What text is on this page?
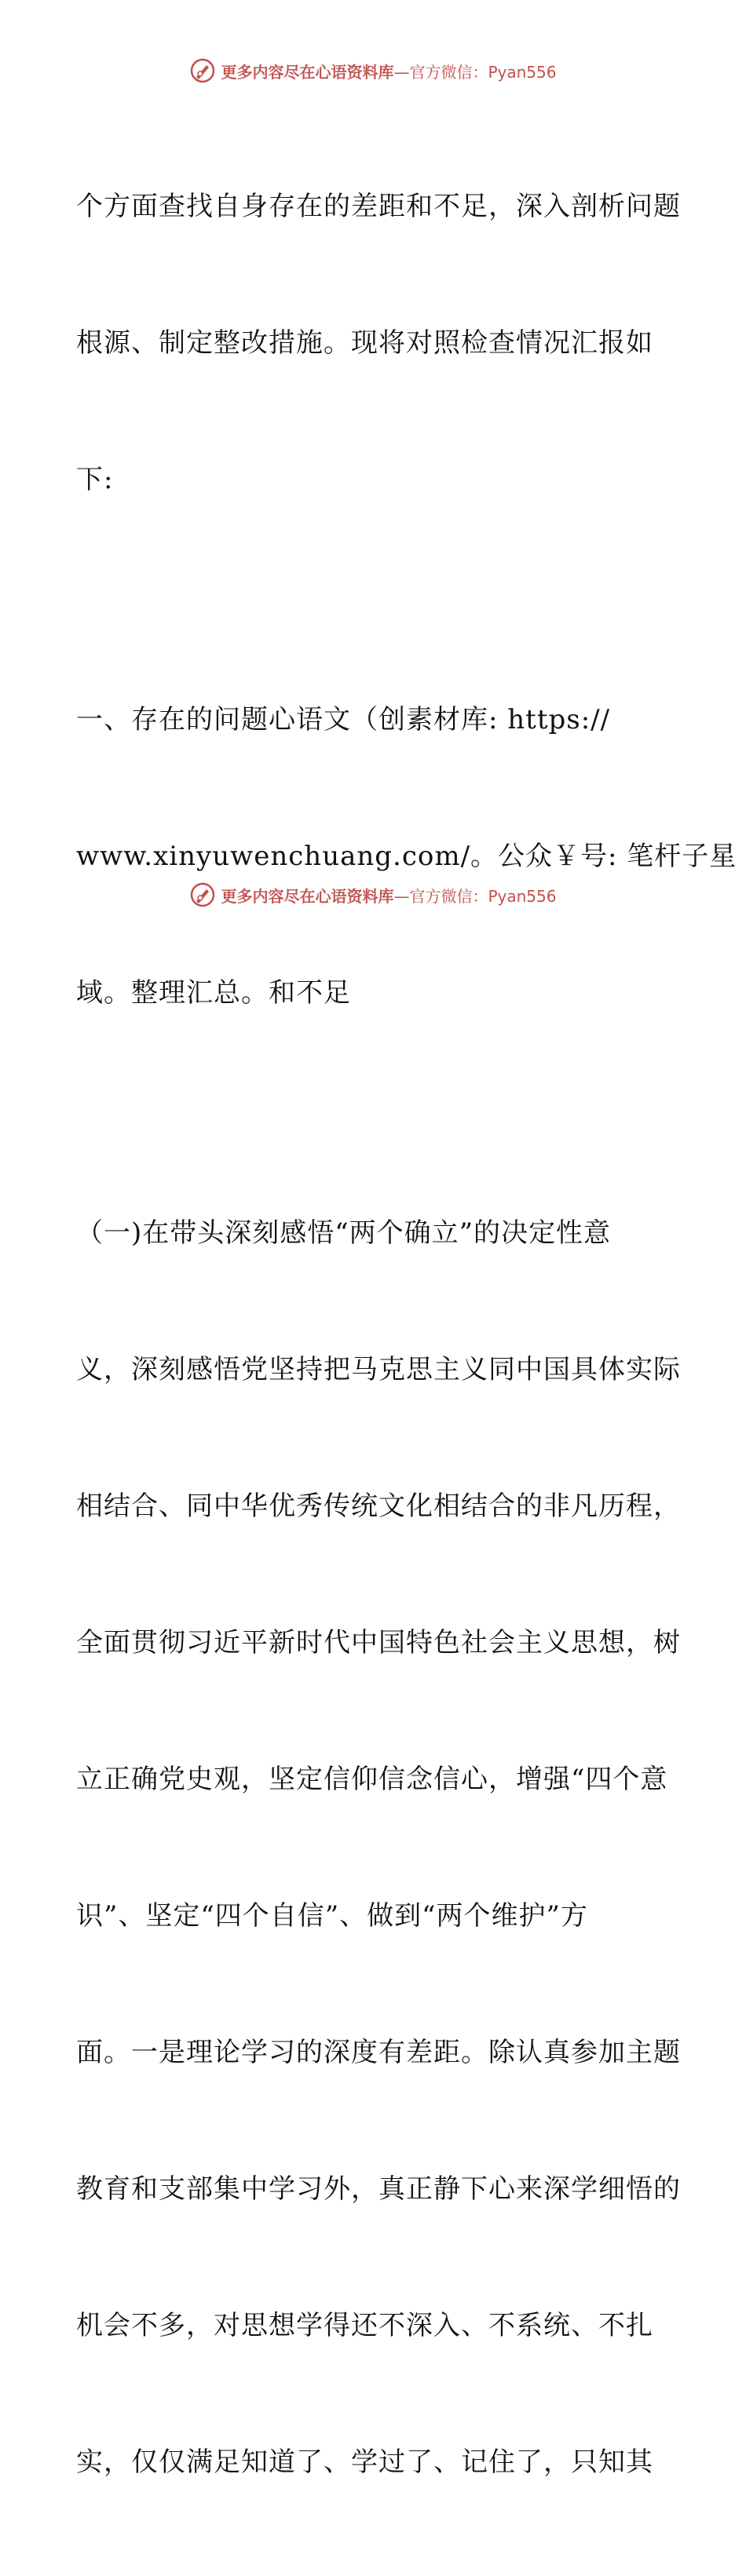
更多内容尽在心语资料库—官方微信：Pyan556

个方面查找自身存在的差距和不足，深入剖析问题

根源、制定整改措施。现将对照检查情况汇报如

下:

一、存在的问题心语文（创素材库: https://

www.xinyuwenchuang.com/。公众￥号: 笔杆子星

域。整理汇总。和不足

（一)在带头深刻感悟“两个确立”的决定性意

义，深刻感悟党坚持把马克思主义同中国具体实际

相结合、同中华优秀传统文化相结合的非凡历程，

全面贯彻习近平新时代中国特色社会主义思想，树

立正确党史观，坚定信仰信念信心，增强“四个意

识”、坚定“四个自信”、做到“两个维护”方

面。一是理论学习的深度有差距。除认真参加主题

教育和支部集中学习外，真正静下心来深学细悟的

机会不多，对思想学得还不深入、不系统、不扎

实，仅仅满足知道了、学过了、记住了，只知其

更多内容尽在心语资料库—官方微信：Pyan556
